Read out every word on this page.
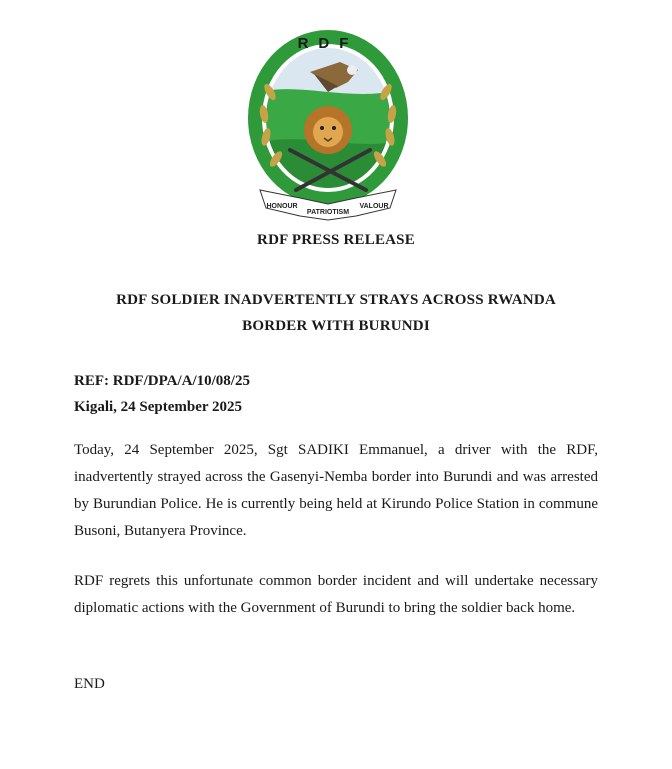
RDF
HONOUR
PATRIOTISM
VALOUR
RDF PRESS RELEASE
RDF SOLDIER INADVERTENTLY STRAYS ACROSS RWANDA
BORDER WITH BURUNDI
REF: RDF/DPA/A/10/08/25
Kigali, 24 September 2025

Today, 24 September 2025, Sgt SADIKI Emmanuel, a driver with the RDF, inadvertently strayed across the Gasenyi-Nemba border into Burundi and was arrested by Burundian Police. He is currently being held at Kirundo Police Station in commune Busoni, Butanyera Province.

RDF regrets this unfortunate common border incident and will undertake necessary diplomatic actions with the Government of Burundi to bring the soldier back home.

END
